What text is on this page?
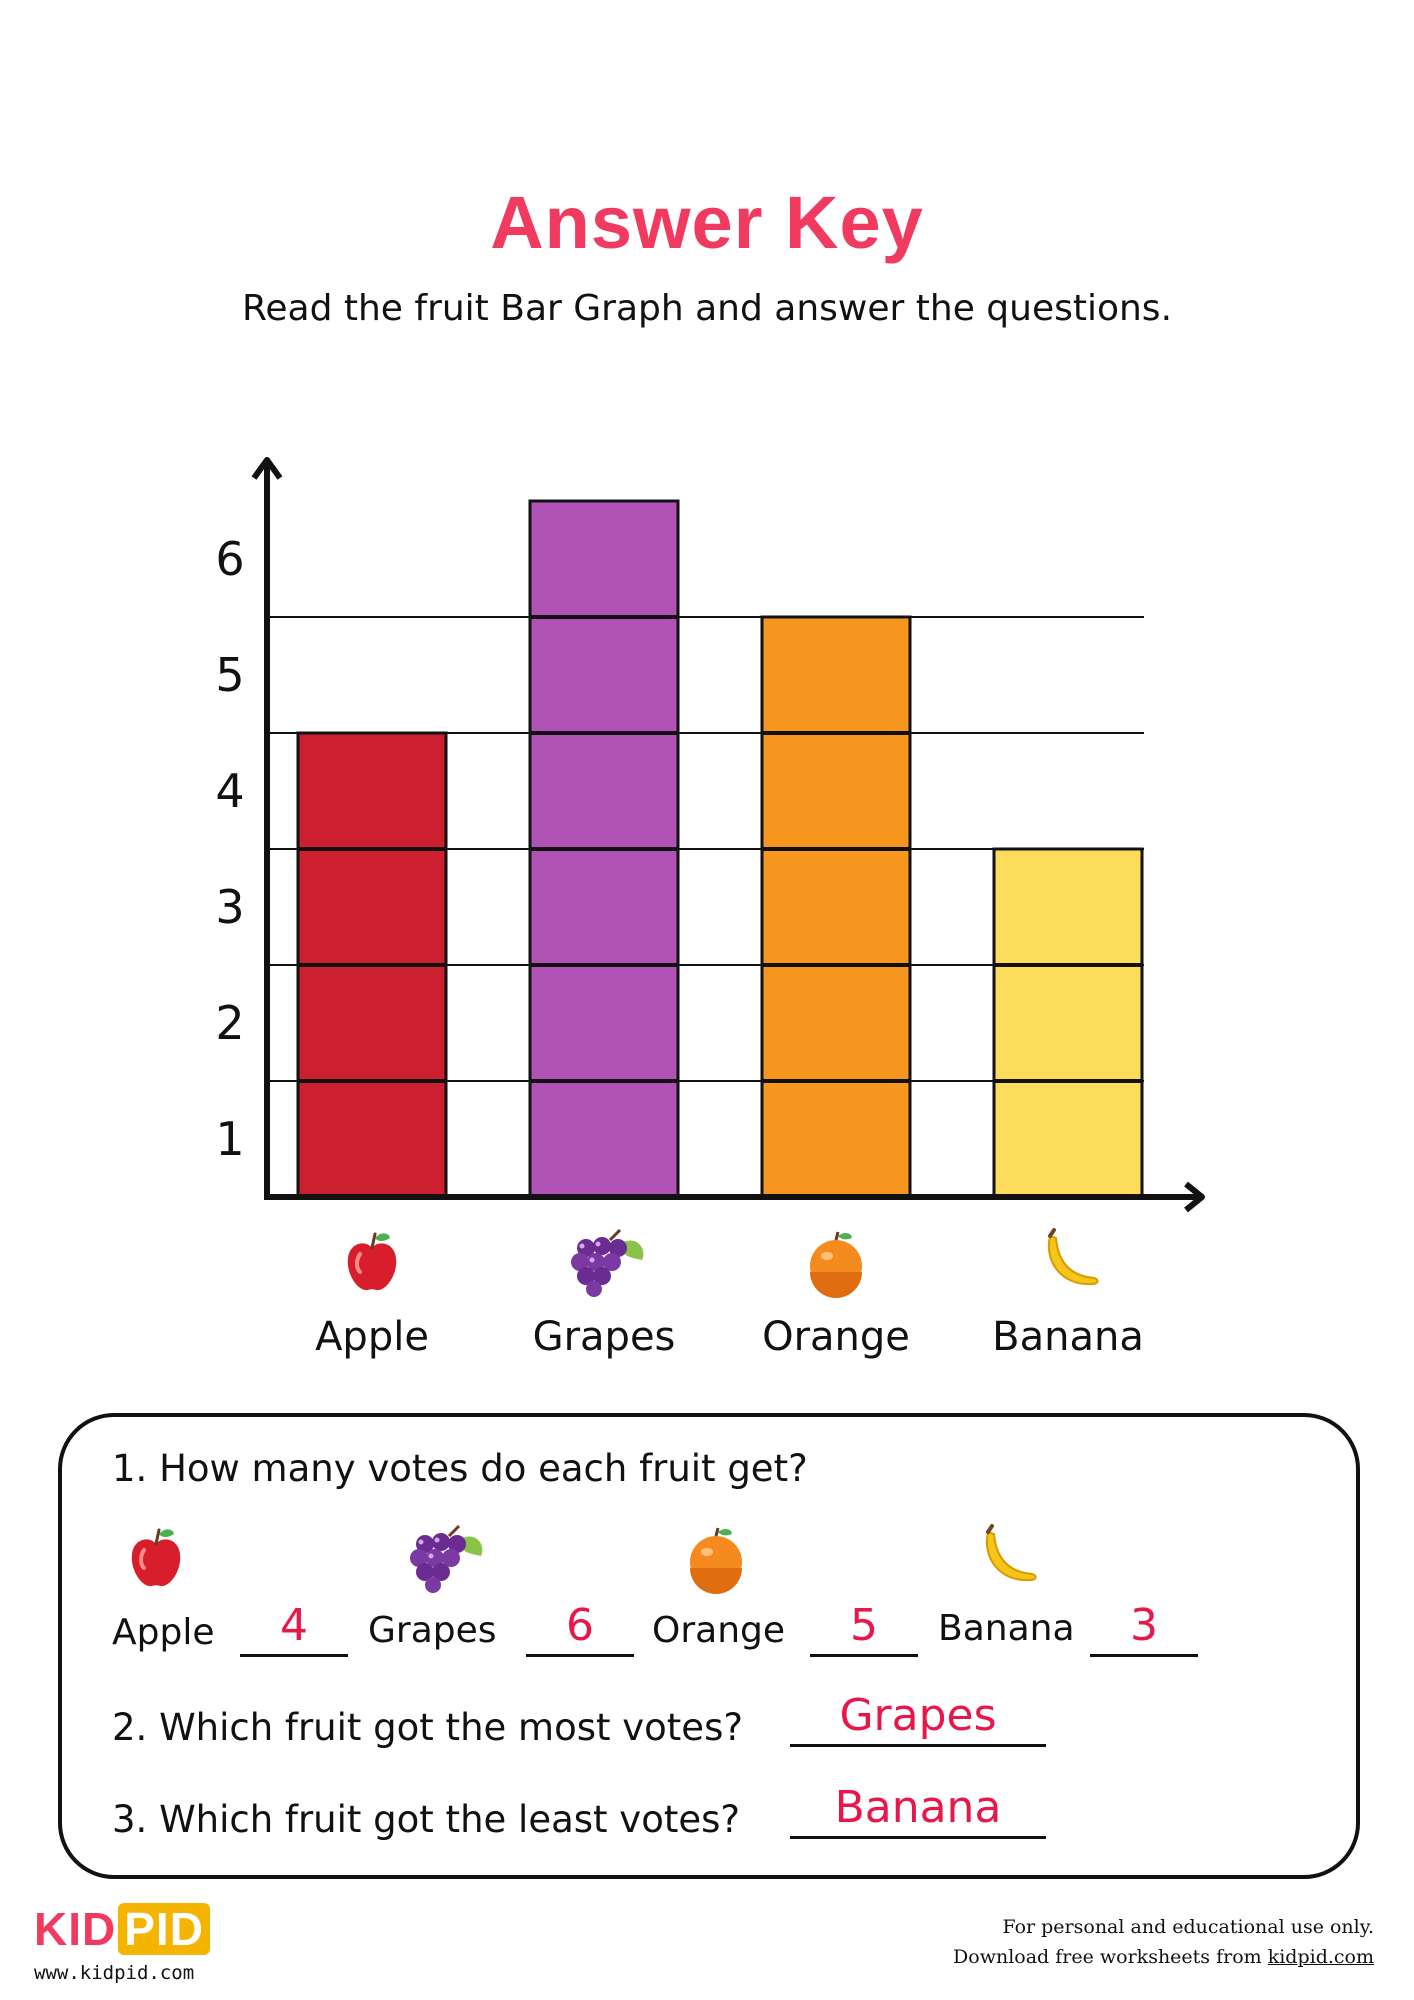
Answer Key
Read the fruit Bar Graph and answer the questions.
1
2
3
4
5
6
Apple	Grapes Orange Banana
1. How many votes do each fruit get?
Apple	4	Grapes	6	Orange	5	Banana	3
2. Which fruit got the most votes?	Grapes
3. Which fruit got the least votes?	Banana
KID PID
www.kidpid.com
For personal and educational use only.
Download free worksheets from kidpid.com
